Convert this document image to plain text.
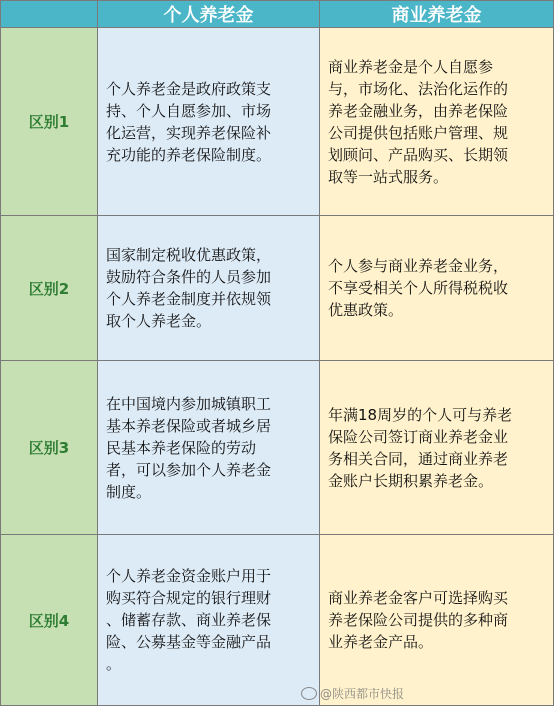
个人养老金	商业养老金
区别1
个人养老金是政府政策支
持、个人自愿参加、市场
化运营，实现养老保险补
充功能的养老保险制度。
商业养老金是个人自愿参
与，市场化、法治化运作的
养老金融业务，由养老保险
公司提供包括账户管理、规
划顾问、产品购买、长期领
取等一站式服务。
区别2
国家制定税收优惠政策，
鼓励符合条件的人员参加
个人养老金制度并依规领
取个人养老金。
个人参与商业养老金业务，
不享受相关个人所得税税收
优惠政策。
区别3
在中国境内参加城镇职工
基本养老保险或者城乡居
民基本养老保险的劳动
者，可以参加个人养老金
制度。
年满18周岁的个人可与养老
保险公司签订商业养老金业
务相关合同，通过商业养老
金账户长期积累养老金。
区别4
个人养老金资金账户用于
购买符合规定的银行理财
、储蓄存款、商业养老保
险、公募基金等金融产品
。
商业养老金客户可选择购买
养老保险公司提供的多种商
业养老金产品。
@陕西都市快报
